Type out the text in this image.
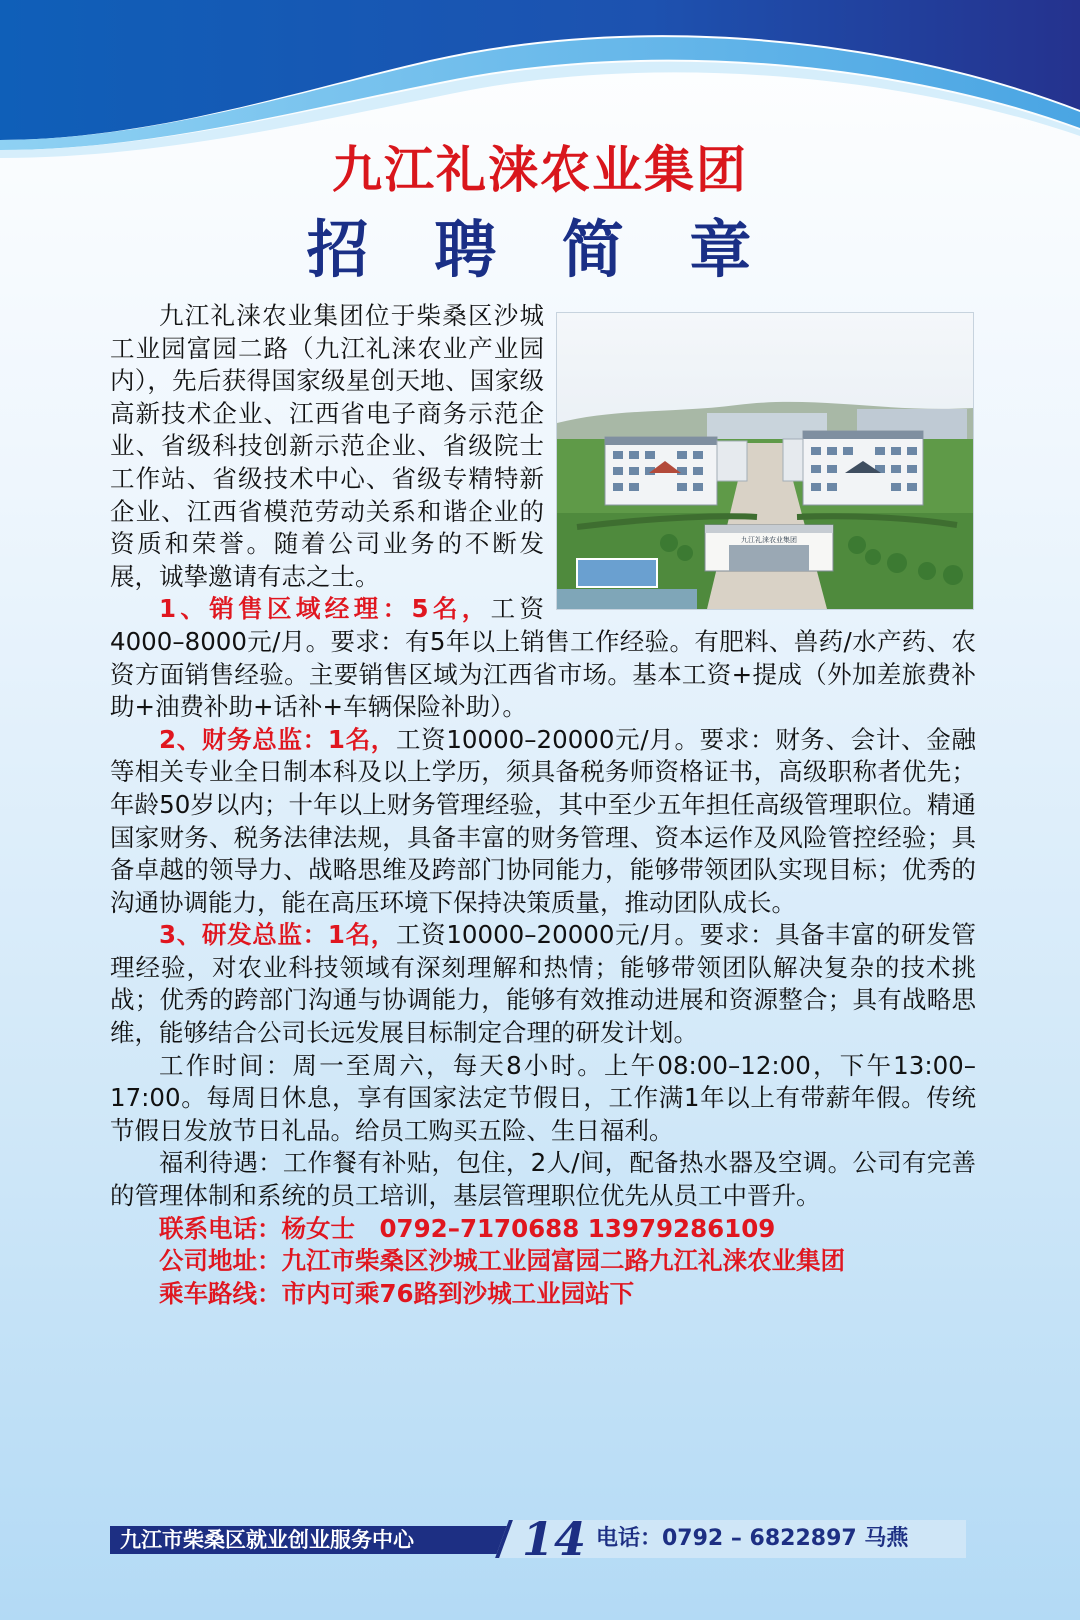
九江礼涞农业集团
招 聘 简 章
九江礼涞农业集团

九江礼涞农业集团位于柴桑区沙城工业园富园二路（九江礼涞农业产业园内），先后获得国家级星创天地、国家级高新技术企业、江西省电子商务示范企业、省级科技创新示范企业、省级院士工作站、省级技术中心、省级专精特新企业、江西省模范劳动关系和谐企业的资质和荣誉。随着公司业务的不断发展，诚挚邀请有志之士。

1、销售区域经理：5名，工资4000–8000元/月。要求：有5年以上销售工作经验。有肥料、兽药/水产药、农资方面销售经验。主要销售区域为江西省市场。基本工资+提成（外加差旅费补助+油费补助+话补+车辆保险补助）。

2、财务总监：1名，工资10000–20000元/月。要求：财务、会计、金融等相关专业全日制本科及以上学历，须具备税务师资格证书，高级职称者优先；年龄50岁以内；十年以上财务管理经验，其中至少五年担任高级管理职位。精通国家财务、税务法律法规，具备丰富的财务管理、资本运作及风险管控经验；具备卓越的领导力、战略思维及跨部门协同能力，能够带领团队实现目标；优秀的沟通协调能力，能在高压环境下保持决策质量，推动团队成长。

3、研发总监：1名，工资10000–20000元/月。要求：具备丰富的研发管理经验，对农业科技领域有深刻理解和热情；能够带领团队解决复杂的技术挑战；优秀的跨部门沟通与协调能力，能够有效推动进展和资源整合；具有战略思维，能够结合公司长远发展目标制定合理的研发计划。

工作时间：周一至周六，每天8小时。上午08:00–12:00，下午13:00–17:00。每周日休息，享有国家法定节假日，工作满1年以上有带薪年假。传统节假日发放节日礼品。给员工购买五险、生日福利。

福利待遇：工作餐有补贴，包住，2人/间，配备热水器及空调。公司有完善的管理体制和系统的员工培训，基层管理职位优先从员工中晋升。

联系电话：杨女士　0792–7170688 13979286109

公司地址：九江市柴桑区沙城工业园富园二路九江礼涞农业集团

乘车路线：市内可乘76路到沙城工业园站下

九江市柴桑区就业创业服务中心 14 电话：0792 – 6822897 马燕
